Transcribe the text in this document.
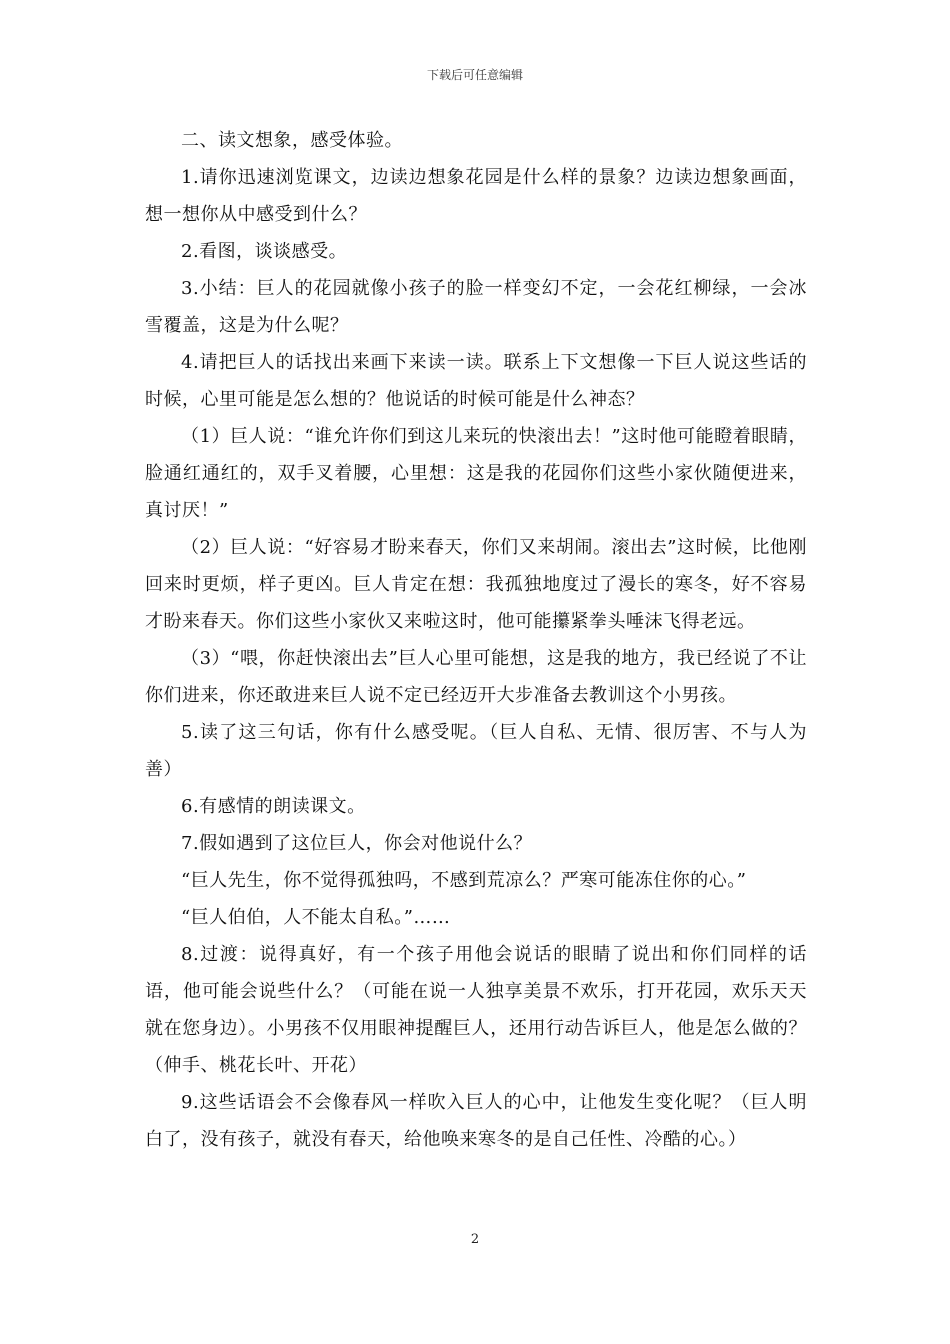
下载后可任意编辑

二、读文想象，感受体验。

1.请你迅速浏览课文，边读边想象花园是什么样的景象？边读边想象画面，想一想你从中感受到什么？

2.看图，谈谈感受。

3.小结：巨人的花园就像小孩子的脸一样变幻不定，一会花红柳绿，一会冰雪覆盖，这是为什么呢？

4.请把巨人的话找出来画下来读一读。联系上下文想像一下巨人说这些话的时候，心里可能是怎么想的？他说话的时候可能是什么神态？

（1）巨人说：“谁允许你们到这儿来玩的快滚出去！”这时他可能瞪着眼睛，脸通红通红的，双手叉着腰，心里想：这是我的花园你们这些小家伙随便进来，真讨厌！”

（2）巨人说：“好容易才盼来春天，你们又来胡闹。滚出去”这时候，比他刚回来时更烦，样子更凶。巨人肯定在想：我孤独地度过了漫长的寒冬，好不容易才盼来春天。你们这些小家伙又来啦这时，他可能攥紧拳头唾沫飞得老远。

（3）“喂，你赶快滚出去”巨人心里可能想，这是我的地方，我已经说了不让你们进来，你还敢进来巨人说不定已经迈开大步准备去教训这个小男孩。

5.读了这三句话，你有什么感受呢。（巨人自私、无情、很厉害、不与人为善）

6.有感情的朗读课文。

7.假如遇到了这位巨人，你会对他说什么？

“巨人先生，你不觉得孤独吗，不感到荒凉么？严寒可能冻住你的心。”

“巨人伯伯，人不能太自私。”……

8.过渡：说得真好，有一个孩子用他会说话的眼睛了说出和你们同样的话语，他可能会说些什么？（可能在说一人独享美景不欢乐，打开花园，欢乐天天就在您身边）。小男孩不仅用眼神提醒巨人，还用行动告诉巨人，他是怎么做的？（伸手、桃花长叶、开花）

9.这些话语会不会像春风一样吹入巨人的心中，让他发生变化呢？（巨人明白了，没有孩子，就没有春天，给他唤来寒冬的是自己任性、冷酷的心。）

2
